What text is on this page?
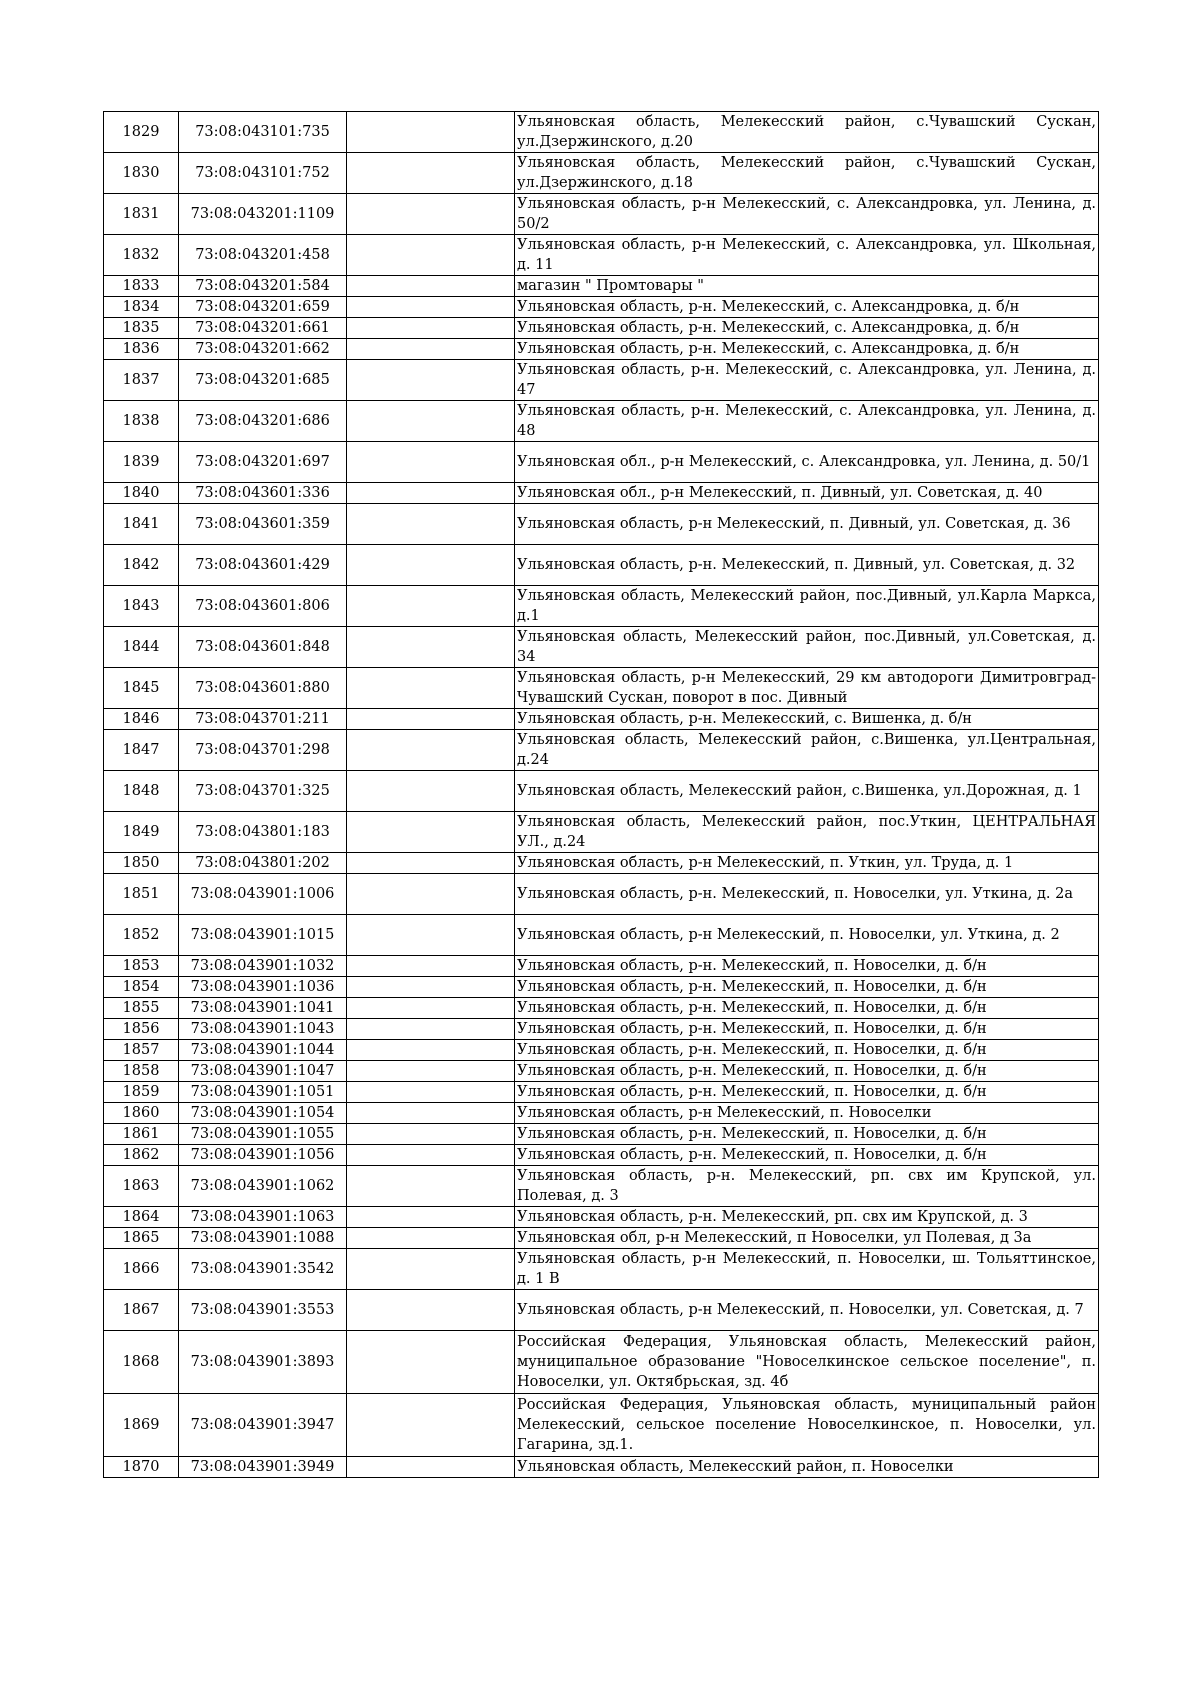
1829	73:08:043101:735		Ульяновская область, Мелекесский район, с.Чувашский Сускан, ул.Дзержинского, д.20
1830	73:08:043101:752		Ульяновская область, Мелекесский район, с.Чувашский Сускан, ул.Дзержинского, д.18
1831	73:08:043201:1109		Ульяновская область, р-н Мелекесский, с. Александровка, ул. Ленина, д. 50/2
1832	73:08:043201:458		Ульяновская область, р-н Мелекесский, с. Александровка, ул. Школьная, д. 11
1833	73:08:043201:584		магазин " Промтовары "
1834	73:08:043201:659		Ульяновская область, р-н. Мелекесский, с. Александровка, д. б/н
1835	73:08:043201:661		Ульяновская область, р-н. Мелекесский, с. Александровка, д. б/н
1836	73:08:043201:662		Ульяновская область, р-н. Мелекесский, с. Александровка, д. б/н
1837	73:08:043201:685		Ульяновская область, р-н. Мелекесский, с. Александровка, ул. Ленина, д. 47
1838	73:08:043201:686		Ульяновская область, р-н. Мелекесский, с. Александровка, ул. Ленина, д. 48
1839	73:08:043201:697		Ульяновская обл., р-н Мелекесский, с. Александровка, ул. Ленина, д. 50/1
1840	73:08:043601:336		Ульяновская обл., р-н Мелекесский, п. Дивный, ул. Советская, д. 40
1841	73:08:043601:359		Ульяновская область, р-н Мелекесский, п. Дивный, ул. Советская, д. 36
1842	73:08:043601:429		Ульяновская область, р-н. Мелекесский, п. Дивный, ул. Советская, д. 32
1843	73:08:043601:806		Ульяновская область, Мелекесский район, пос.Дивный, ул.Карла Маркса, д.1
1844	73:08:043601:848		Ульяновская область, Мелекесский район, пос.Дивный, ул.Советская, д. 34
1845	73:08:043601:880		Ульяновская область, р-н Мелекесский, 29 км автодороги Димитровград-Чувашский Сускан, поворот в пос. Дивный
1846	73:08:043701:211		Ульяновская область, р-н. Мелекесский, с. Вишенка, д. б/н
1847	73:08:043701:298		Ульяновская область, Мелекесский район, с.Вишенка, ул.Центральная, д.24
1848	73:08:043701:325		Ульяновская область, Мелекесский район, с.Вишенка, ул.Дорожная, д. 1
1849	73:08:043801:183		Ульяновская область, Мелекесский район, пос.Уткин, ЦЕНТРАЛЬНАЯ УЛ., д.24
1850	73:08:043801:202		Ульяновская область, р-н Мелекесский, п. Уткин, ул. Труда, д. 1
1851	73:08:043901:1006		Ульяновская область, р-н. Мелекесский, п. Новоселки, ул. Уткина, д. 2а
1852	73:08:043901:1015		Ульяновская область, р-н Мелекесский, п. Новоселки, ул. Уткина, д. 2
1853	73:08:043901:1032		Ульяновская область, р-н. Мелекесский, п. Новоселки, д. б/н
1854	73:08:043901:1036		Ульяновская область, р-н. Мелекесский, п. Новоселки, д. б/н
1855	73:08:043901:1041		Ульяновская область, р-н. Мелекесский, п. Новоселки, д. б/н
1856	73:08:043901:1043		Ульяновская область, р-н. Мелекесский, п. Новоселки, д. б/н
1857	73:08:043901:1044		Ульяновская область, р-н. Мелекесский, п. Новоселки, д. б/н
1858	73:08:043901:1047		Ульяновская область, р-н. Мелекесский, п. Новоселки, д. б/н
1859	73:08:043901:1051		Ульяновская область, р-н. Мелекесский, п. Новоселки, д. б/н
1860	73:08:043901:1054		Ульяновская область, р-н Мелекесский, п. Новоселки
1861	73:08:043901:1055		Ульяновская область, р-н. Мелекесский, п. Новоселки, д. б/н
1862	73:08:043901:1056		Ульяновская область, р-н. Мелекесский, п. Новоселки, д. б/н
1863	73:08:043901:1062		Ульяновская область, р-н. Мелекесский, рп. свх им Крупской, ул. Полевая, д. 3
1864	73:08:043901:1063		Ульяновская область, р-н. Мелекесский, рп. свх им Крупской, д. 3
1865	73:08:043901:1088		Ульяновская обл, р-н Мелекесский, п Новоселки, ул Полевая, д 3а
1866	73:08:043901:3542		Ульяновская область, р-н Мелекесский, п. Новоселки, ш. Тольяттинское, д. 1 В
1867	73:08:043901:3553		Ульяновская область, р-н Мелекесский, п. Новоселки, ул. Советская, д. 7
1868	73:08:043901:3893		Российская Федерация, Ульяновская область, Мелекесский район, муниципальное образование "Новоселкинское сельское поселение", п. Новоселки, ул. Октябрьская, зд. 4б
1869	73:08:043901:3947		Российская Федерация, Ульяновская область, муниципальный район Мелекесский, сельское поселение Новоселкинское, п. Новоселки, ул. Гагарина, зд.1.
1870	73:08:043901:3949		Ульяновская область, Мелекесский район, п. Новоселки
